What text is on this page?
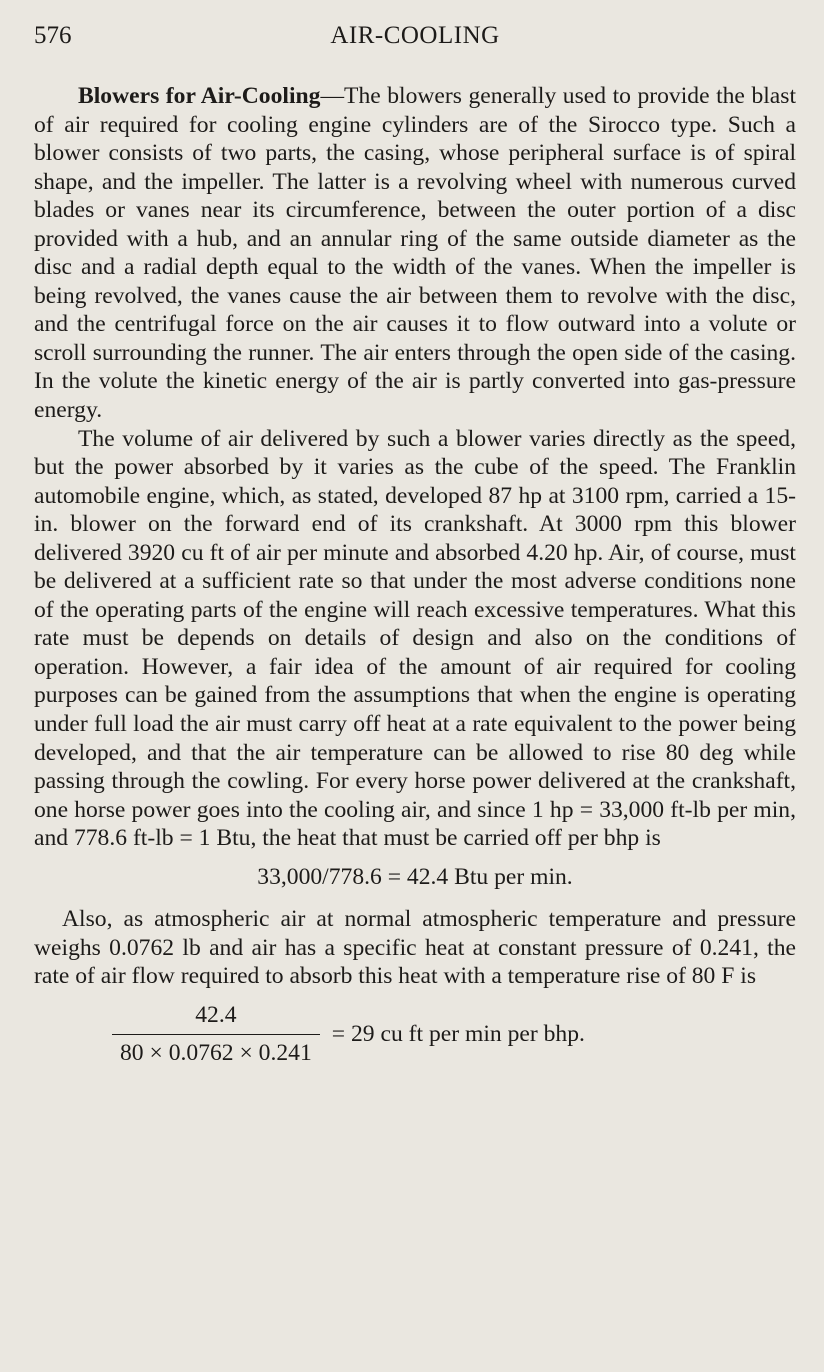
576	AIR-COOLING

Blowers for Air-Cooling—The blowers generally used to provide the blast of air required for cooling engine cylinders are of the Sirocco type. Such a blower consists of two parts, the casing, whose peripheral surface is of spiral shape, and the impeller. The latter is a revolving wheel with numerous curved blades or vanes near its circumference, between the outer portion of a disc provided with a hub, and an annular ring of the same outside diameter as the disc and a radial depth equal to the width of the vanes. When the impeller is being revolved, the vanes cause the air between them to revolve with the disc, and the centrifugal force on the air causes it to flow outward into a volute or scroll surrounding the runner. The air enters through the open side of the casing. In the volute the kinetic energy of the air is partly converted into gas-pressure energy.

The volume of air delivered by such a blower varies directly as the speed, but the power absorbed by it varies as the cube of the speed. The Franklin automobile engine, which, as stated, developed 87 hp at 3100 rpm, carried a 15-in. blower on the forward end of its crankshaft. At 3000 rpm this blower delivered 3920 cu ft of air per minute and absorbed 4.20 hp. Air, of course, must be delivered at a sufficient rate so that under the most adverse conditions none of the operating parts of the engine will reach excessive temperatures. What this rate must be depends on details of design and also on the conditions of operation. However, a fair idea of the amount of air required for cooling purposes can be gained from the assumptions that when the engine is operating under full load the air must carry off heat at a rate equivalent to the power being developed, and that the air temperature can be allowed to rise 80 deg while passing through the cowling. For every horse power delivered at the crankshaft, one horse power goes into the cooling air, and since 1 hp = 33,000 ft-lb per min, and 778.6 ft-lb = 1 Btu, the heat that must be carried off per bhp is

33,000/778.6 = 42.4 Btu per min.

Also, as atmospheric air at normal atmospheric temperature and pressure weighs 0.0762 lb and air has a specific heat at constant pressure of 0.241, the rate of air flow required to absorb this heat with a temperature rise of 80 F is

$\frac{42.4}{80 \times 0.0762 \times 0.241} = 29$ cu ft per min per bhp.
